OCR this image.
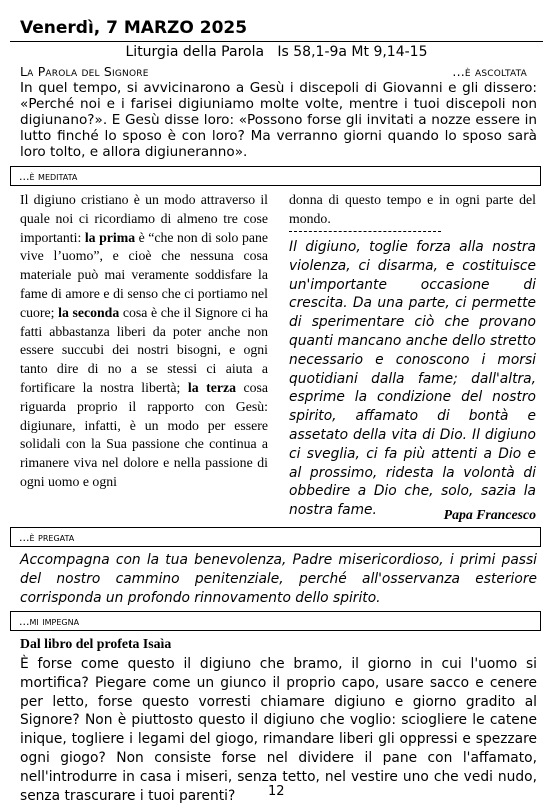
Venerdì, 7 MARZO 2025
Liturgia della Parola   Is 58,1-9a Mt 9,14-15
La Parola del Signore	...è ascoltata

In quel tempo, si avvicinarono a Gesù i discepoli di Giovanni e gli dissero: «Perché noi e i farisei digiuniamo molte volte, mentre i tuoi discepoli non digiunano?». E Gesù disse loro: «Possono forse gli invitati a nozze essere in lutto finché lo sposo è con loro? Ma verranno giorni quando lo sposo sarà loro tolto, e allora digiuneranno».

...è meditata

Il digiuno cristiano è un modo attraverso il quale noi ci ricordiamo di almeno tre cose importanti: la prima è “che non di solo pane vive l’uomo”, e cioè che nessuna cosa materiale può mai veramente soddisfare la fame di amore e di senso che ci portiamo nel cuore; la seconda cosa è che il Signore ci ha fatti abbastanza liberi da poter anche non essere succubi dei nostri bisogni, e ogni tanto dire di no a se stessi ci aiuta a fortificare la nostra libertà; la terza cosa riguarda proprio il rapporto con Gesù: digiunare, infatti, è un modo per essere solidali con la Sua passione che continua a rimanere viva nel dolore e nella passione di ogni uomo e ogni

donna di questo tempo e in ogni parte del mondo.

Il digiuno, toglie forza alla nostra violenza, ci disarma, e costituisce un'importante occasione di crescita. Da una parte, ci permette di sperimentare ciò che provano quanti mancano anche dello stretto necessario e conoscono i morsi quotidiani dalla fame; dall'altra, esprime la condizione del nostro spirito, affamato di bontà e assetato della vita di Dio. Il digiuno ci sveglia, ci fa più attenti a Dio e al prossimo, ridesta la volontà di obbedire a Dio che, solo, sazia la nostra fame.	Papa Francesco
...è pregata

Accompagna con la tua benevolenza, Padre misericordioso, i primi passi del nostro cammino penitenziale, perché all'osservanza esteriore corrisponda un profondo rinnovamento dello spirito.

...mi impegna
Dal libro del profeta Isaìa

È forse come questo il digiuno che bramo, il giorno in cui l'uomo si mortifica? Piegare come un giunco il proprio capo, usare sacco e cenere per letto, forse questo vorresti chiamare digiuno e giorno gradito al Signore? Non è piuttosto questo il digiuno che voglio: sciogliere le catene inique, togliere i legami del giogo, rimandare liberi gli oppressi e spezzare ogni giogo? Non consiste forse nel dividere il pane con l'affamato, nell'introdurre in casa i miseri, senza tetto, nel vestire uno che vedi nudo, senza trascurare i tuoi parenti?	12
